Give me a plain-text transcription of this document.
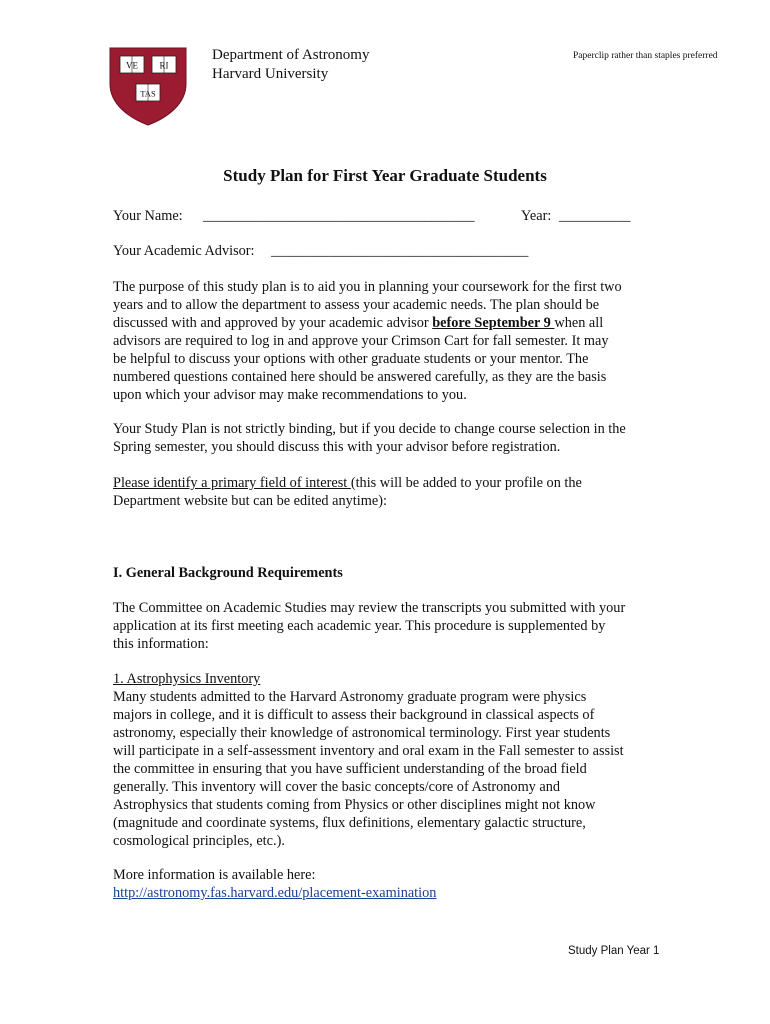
VE RI
TAS
Department of Astronomy
Harvard University
Paperclip rather than staples preferred
Study Plan for First Year Graduate Students
Your Name: ______________________________________	Year: __________
Your Academic Advisor: ____________________________________

The purpose of this study plan is to aid you in planning your coursework for the first two

years and to allow the department to assess your academic needs. The plan should be

discussed with and approved by your academic advisor before September 9 when all

advisors are required to log in and approve your Crimson Cart for fall semester. It may

be helpful to discuss your options with other graduate students or your mentor. The

numbered questions contained here should be answered carefully, as they are the basis

upon which your advisor may make recommendations to you.

Your Study Plan is not strictly binding, but if you decide to change course selection in the

Spring semester, you should discuss this with your advisor before registration.

Please identify a primary field of interest (this will be added to your profile on the

Department website but can be edited anytime):

I. General Background Requirements

The Committee on Academic Studies may review the transcripts you submitted with your

application at its first meeting each academic year. This procedure is supplemented by

this information:

1. Astrophysics Inventory

Many students admitted to the Harvard Astronomy graduate program were physics

majors in college, and it is difficult to assess their background in classical aspects of

astronomy, especially their knowledge of astronomical terminology. First year students

will participate in a self-assessment inventory and oral exam in the Fall semester to assist

the committee in ensuring that you have sufficient understanding of the broad field

generally. This inventory will cover the basic concepts/core of Astronomy and

Astrophysics that students coming from Physics or other disciplines might not know

(magnitude and coordinate systems, flux definitions, elementary galactic structure,

cosmological principles, etc.).

More information is available here:

http://astronomy.fas.harvard.edu/placement-examination
Study Plan Year 1
